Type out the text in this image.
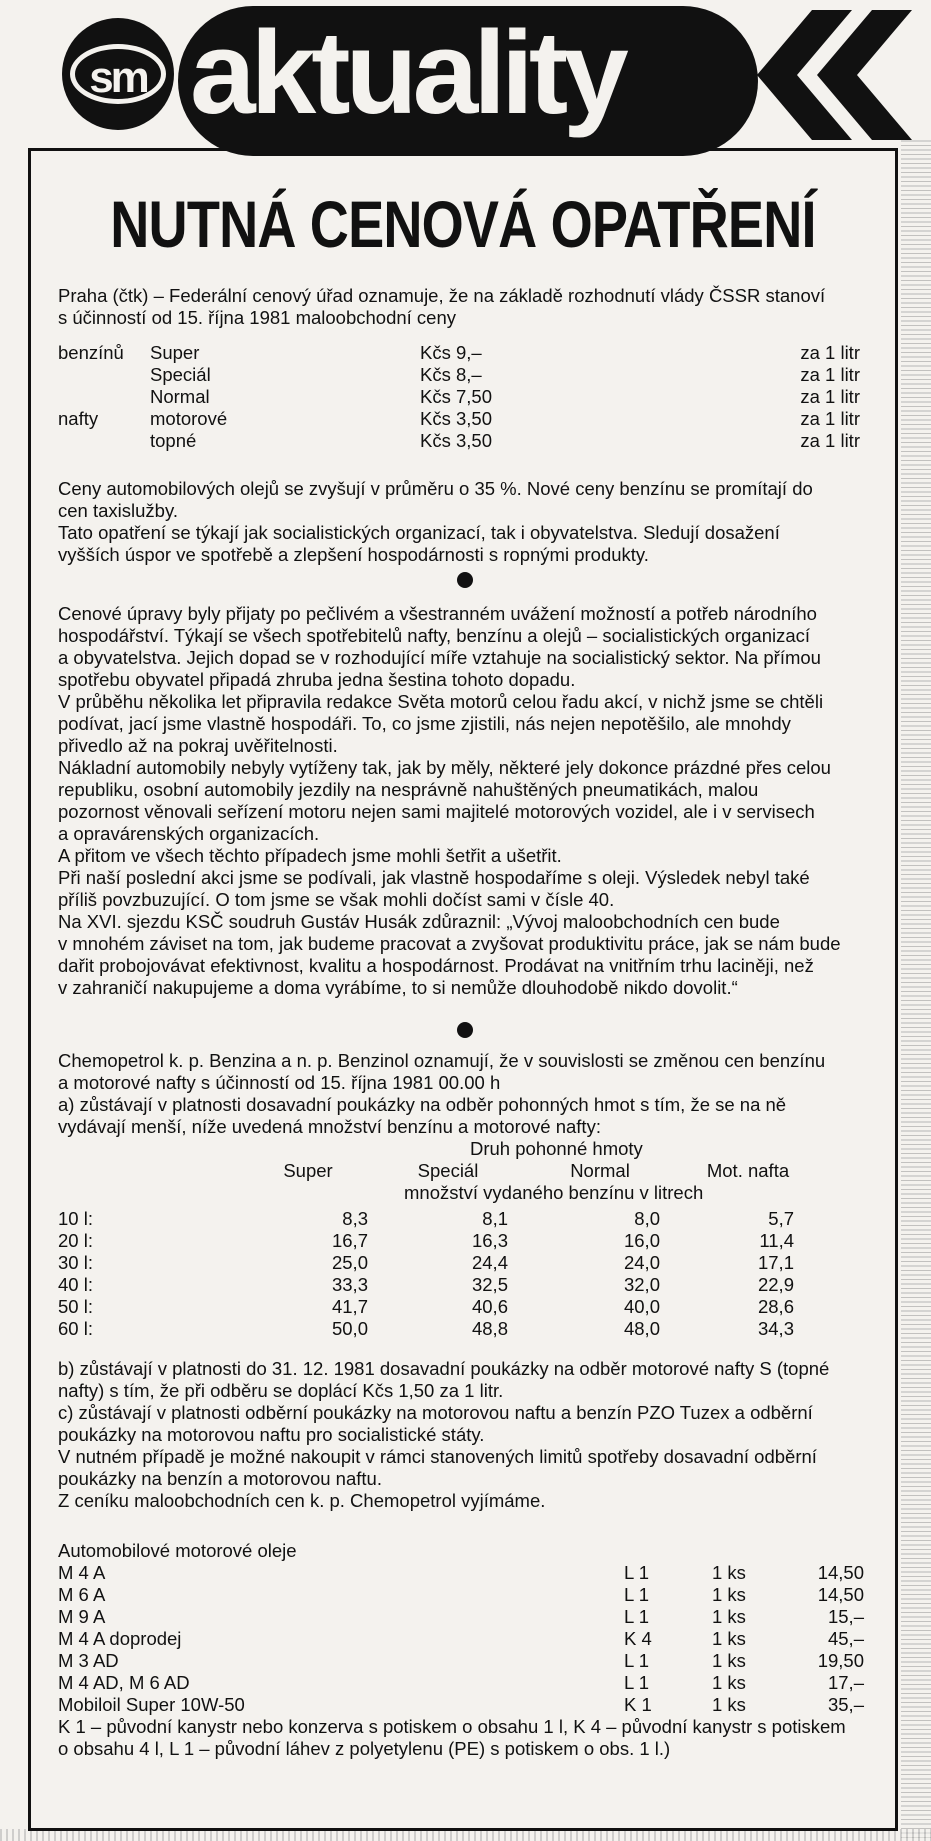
sm aktuality
NUTNÁ CENOVÁ OPATŘENÍ
Praha (čtk) – Federální cenový úřad oznamuje, že na základě rozhodnutí vlády ČSSR stanoví
s účinností od 15. října 1981 maloobchodní ceny
benzínů Super	Kčs 9,–	za 1 litr
Speciál	Kčs 8,–	za 1 litr
Normal	Kčs 7,50	za 1 litr
nafty	motorové	Kčs 3,50	za 1 litr
topné	Kčs 3,50	za 1 litr
Ceny automobilových olejů se zvyšují v průměru o 35 %. Nové ceny benzínu se promítají do
cen taxislužby.
Tato opatření se týkají jak socialistických organizací, tak i obyvatelstva. Sledují dosažení
vyšších úspor ve spotřebě a zlepšení hospodárnosti s ropnými produkty.
Cenové úpravy byly přijaty po pečlivém a všestranném uvážení možností a potřeb národního
hospodářství. Týkají se všech spotřebitelů nafty, benzínu a olejů – socialistických organizací
a obyvatelstva. Jejich dopad se v rozhodující míře vztahuje na socialistický sektor. Na přímou
spotřebu obyvatel připadá zhruba jedna šestina tohoto dopadu.
V průběhu několika let připravila redakce Světa motorů celou řadu akcí, v nichž jsme se chtěli
podívat, jací jsme vlastně hospodáři. To, co jsme zjistili, nás nejen nepotěšilo, ale mnohdy
přivedlo až na pokraj uvěřitelnosti.
Nákladní automobily nebyly vytíženy tak, jak by měly, některé jely dokonce prázdné přes celou
republiku, osobní automobily jezdily na nesprávně nahuštěných pneumatikách, malou
pozornost věnovali seřízení motoru nejen sami majitelé motorových vozidel, ale i v servisech
a opravárenských organizacích.
A přitom ve všech těchto případech jsme mohli šetřit a ušetřit.
Při naší poslední akci jsme se podívali, jak vlastně hospodaříme s oleji. Výsledek nebyl také
příliš povzbuzující. O tom jsme se však mohli dočíst sami v čísle 40.
Na XVI. sjezdu KSČ soudruh Gustáv Husák zdůraznil: „Vývoj maloobchodních cen bude
v mnohém záviset na tom, jak budeme pracovat a zvyšovat produktivitu práce, jak se nám bude
dařit probojovávat efektivnost, kvalitu a hospodárnost. Prodávat na vnitřním trhu laciněji, než
v zahraničí nakupujeme a doma vyrábíme, to si nemůže dlouhodobě nikdo dovolit.“
Chemopetrol k. p. Benzina a n. p. Benzinol oznamují, že v souvislosti se změnou cen benzínu
a motorové nafty s účinností od 15. října 1981 00.00 h
a) zůstávají v platnosti dosavadní poukázky na odběr pohonných hmot s tím, že se na ně
vydávají menší, níže uvedená množství benzínu a motorové nafty:
Druh pohonné hmoty
Super	Speciál	Normal	Mot. nafta
množství vydaného benzínu v litrech
10 l:	8,3	8,1	8,0	5,7
20 l:	16,7	16,3	16,0	11,4
30 l:	25,0	24,4	24,0	17,1
40 l:	33,3	32,5	32,0	22,9
50 l:	41,7	40,6	40,0	28,6
60 l:	50,0	48,8	48,0	34,3
b) zůstávají v platnosti do 31. 12. 1981 dosavadní poukázky na odběr motorové nafty S (topné
nafty) s tím, že při odběru se doplácí Kčs 1,50 za 1 litr.
c) zůstávají v platnosti odběrní poukázky na motorovou naftu a benzín PZO Tuzex a odběrní
poukázky na motorovou naftu pro socialistické státy.
V nutném případě je možné nakoupit v rámci stanovených limitů spotřeby dosavadní odběrní
poukázky na benzín a motorovou naftu.
Z ceníku maloobchodních cen k. p. Chemopetrol vyjímáme.
Automobilové motorové oleje
M 4 A	L 1	1 ks	14,50
M 6 A	L 1	1 ks	14,50
M 9 A	L 1	1 ks	15,–
M 4 A doprodej	K 4	1 ks	45,–
M 3 AD	L 1	1 ks	19,50
M 4 AD, M 6 AD	L 1	1 ks	17,–
Mobiloil Super 10W-50	K 1	1 ks	35,–
K 1 – původní kanystr nebo konzerva s potiskem o obsahu 1 l, K 4 – původní kanystr s potiskem
o obsahu 4 l, L 1 – původní láhev z polyetylenu (PE) s potiskem o obs. 1 l.)
